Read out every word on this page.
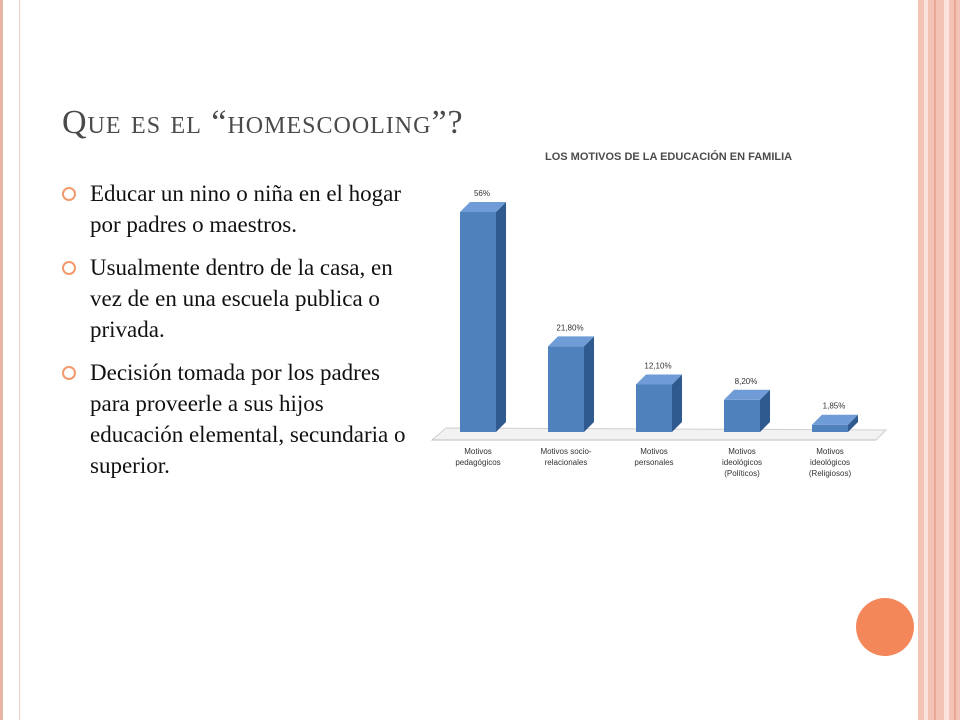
Que es el “homescooling”?
Educar un nino o niña en el hogar por padres o maestros.
Usualmente dentro de la casa, en vez de en una escuela publica o privada.
Decisión tomada por los padres para proveerle a sus hijos educación elemental, secundaria o superior.
LOS MOTIVOS DE LA EDUCACIÓN EN FAMILIA
56%
Motivos
pedagógicos
21,80%
Motivos socio-
relacionales
12,10%
Motivos
personales
8,20%
Motivos
ideológicos
(Políticos)
1,85%
Motivos
ideológicos
(Religiosos)
